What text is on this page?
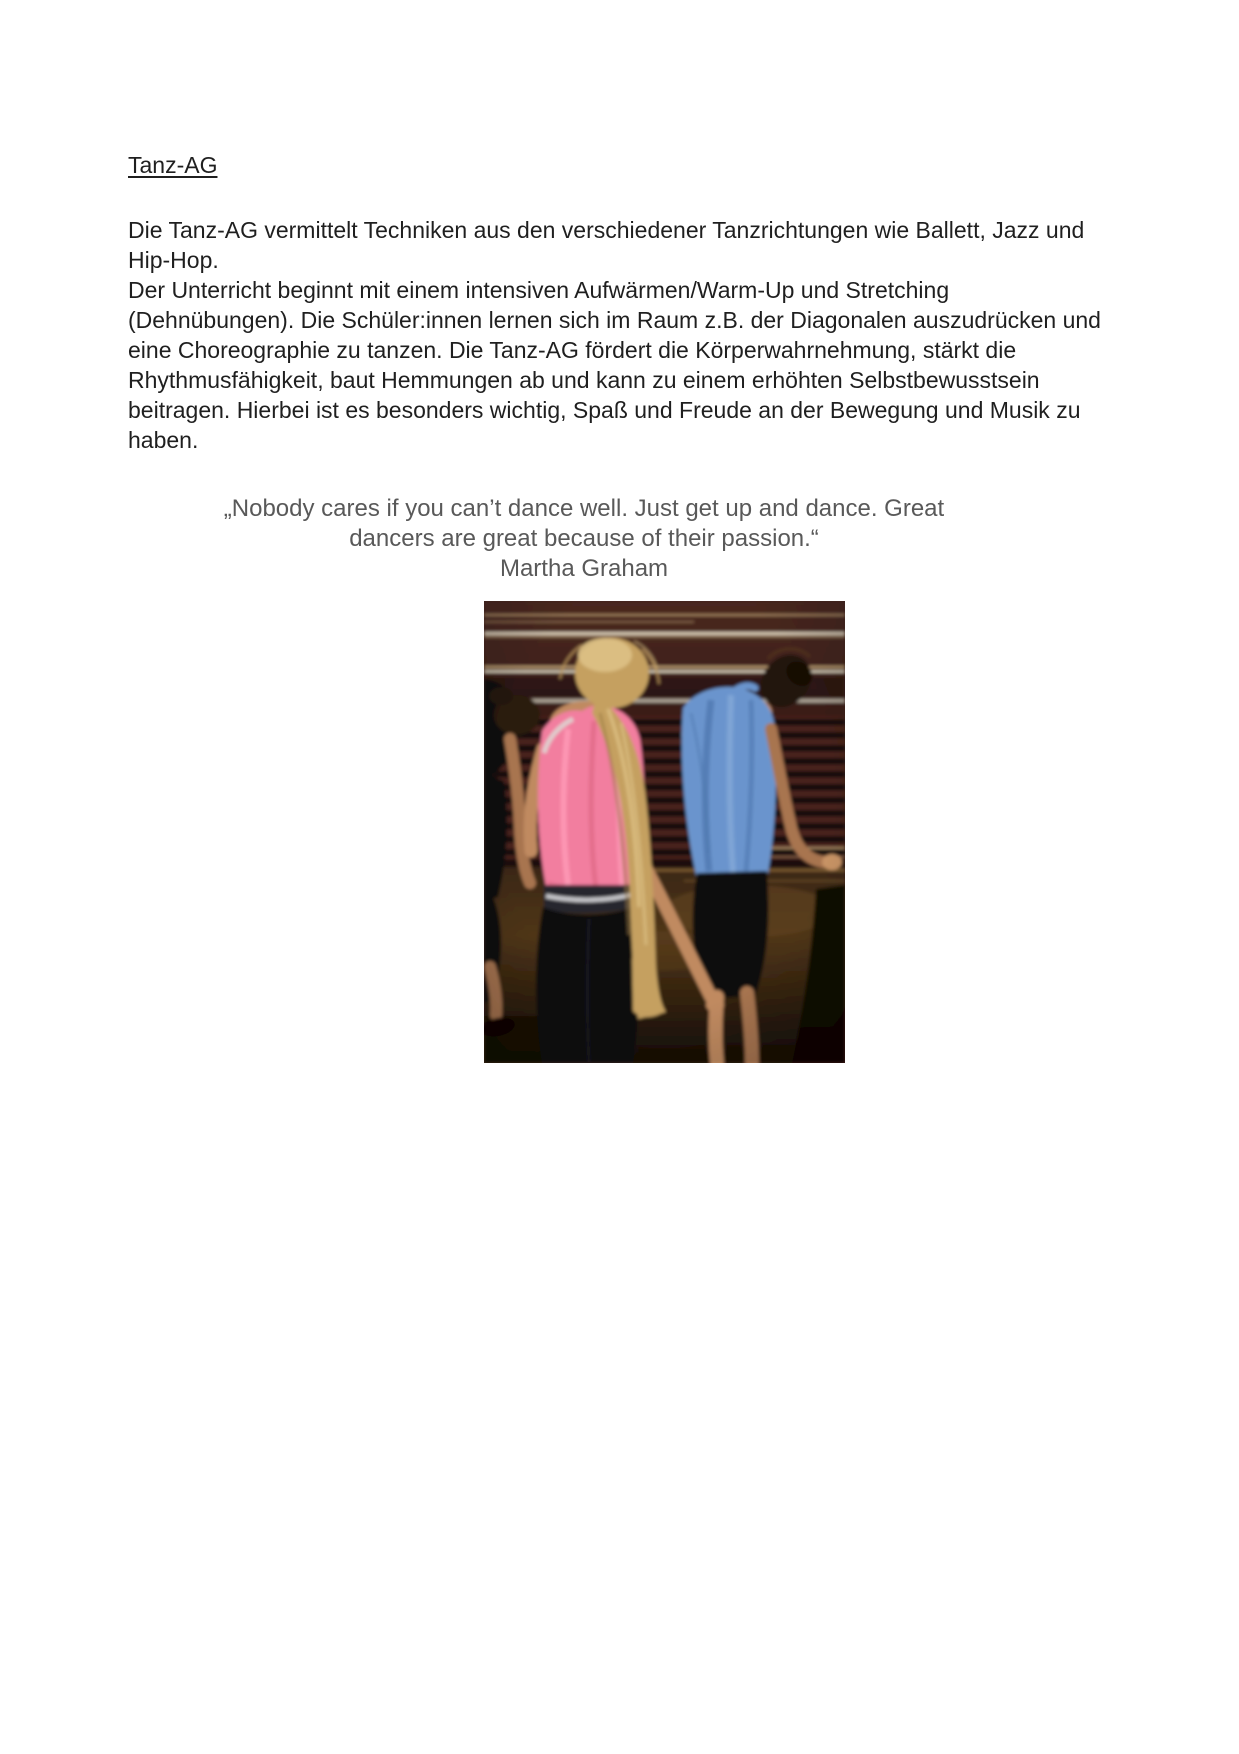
Tanz-AG
Die Tanz-AG vermittelt Techniken aus den verschiedener Tanzrichtungen wie Ballett, Jazz und
Hip-Hop.
Der Unterricht beginnt mit einem intensiven Aufwärmen/Warm-Up und Stretching
(Dehnübungen). Die Schüler:innen lernen sich im Raum z.B. der Diagonalen auszudrücken und
eine Choreographie zu tanzen. Die Tanz-AG fördert die Körperwahrnehmung, stärkt die
Rhythmusfähigkeit, baut Hemmungen ab und kann zu einem erhöhten Selbstbewusstsein
beitragen. Hierbei ist es besonders wichtig, Spaß und Freude an der Bewegung und Musik zu
haben.
„Nobody cares if you can’t dance well. Just get up and dance. Great
dancers are great because of their passion.“
Martha Graham
